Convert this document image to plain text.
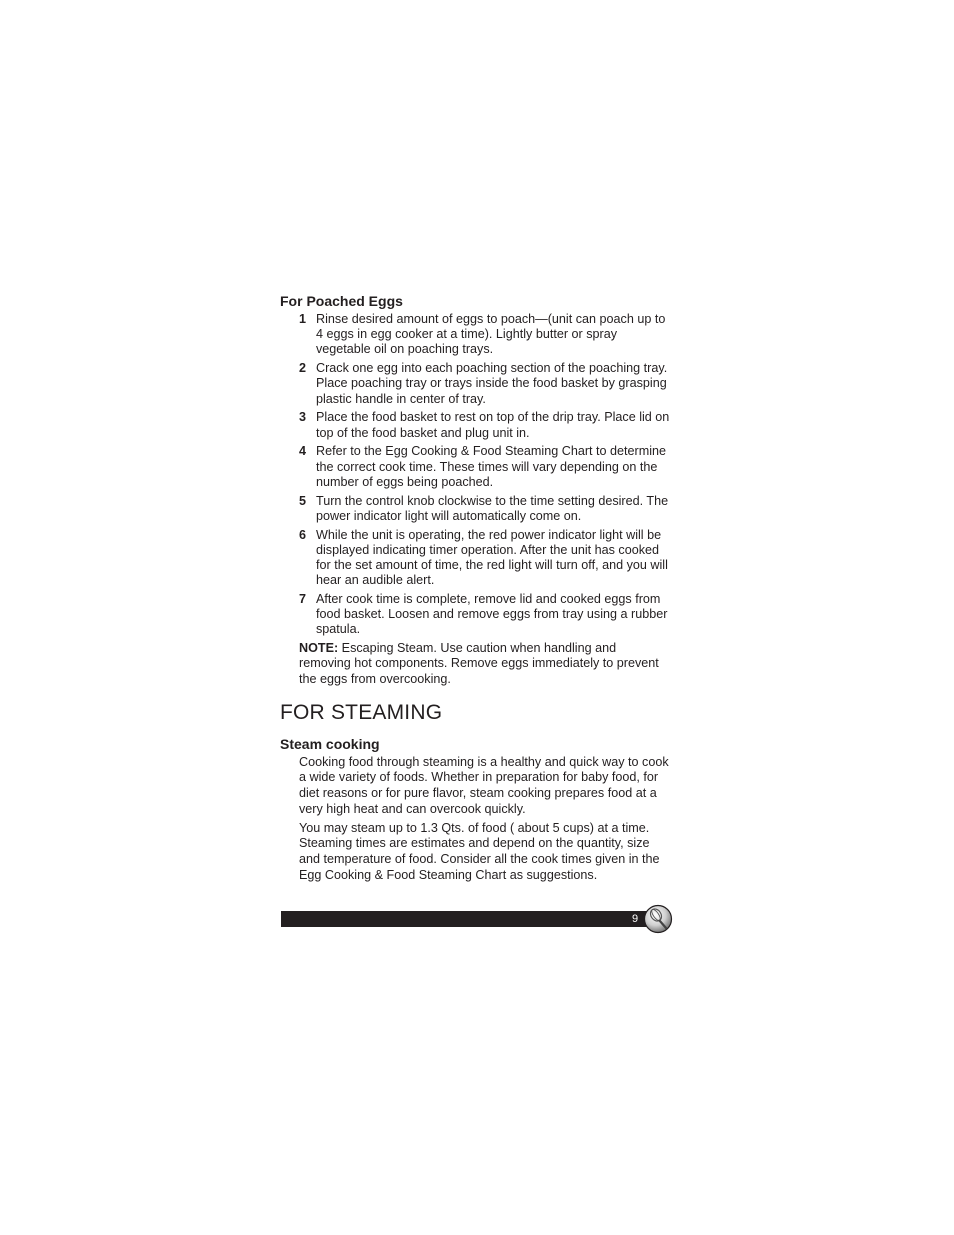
For Poached Eggs
1 Rinse desired amount of eggs to poach—(unit can poach up to 4 eggs in egg cooker at a time). Lightly butter or spray vegetable oil on poaching trays.
2 Crack one egg into each poaching section of the poaching tray. Place poaching tray or trays inside the food basket by grasping plastic handle in center of tray.
3 Place the food basket to rest on top of the drip tray. Place lid on top of the food basket and plug unit in.
4 Refer to the Egg Cooking & Food Steaming Chart to determine the correct cook time. These times will vary depending on the number of eggs being poached.
5 Turn the control knob clockwise to the time setting desired. The power indicator light will automatically come on.
6 While the unit is operating, the red power indicator light will be displayed indicating timer operation. After the unit has cooked for the set amount of time, the red light will turn off, and you will hear an audible alert.
7 After cook time is complete, remove lid and cooked eggs from food basket. Loosen and remove eggs from tray using a rubber spatula.

NOTE: Escaping Steam. Use caution when handling and removing hot components. Remove eggs immediately to prevent the eggs from overcooking.

FOR STEAMING
Steam cooking

Cooking food through steaming is a healthy and quick way to cook a wide variety of foods. Whether in preparation for baby food, for diet reasons or for pure flavor, steam cooking prepares food at a very high heat and can overcook quickly.

You may steam up to 1.3 Qts. of food ( about 5 cups) at a time. Steaming times are estimates and depend on the quantity, size and temperature of food. Consider all the cook times given in the Egg Cooking & Food Steaming Chart as suggestions.

9
